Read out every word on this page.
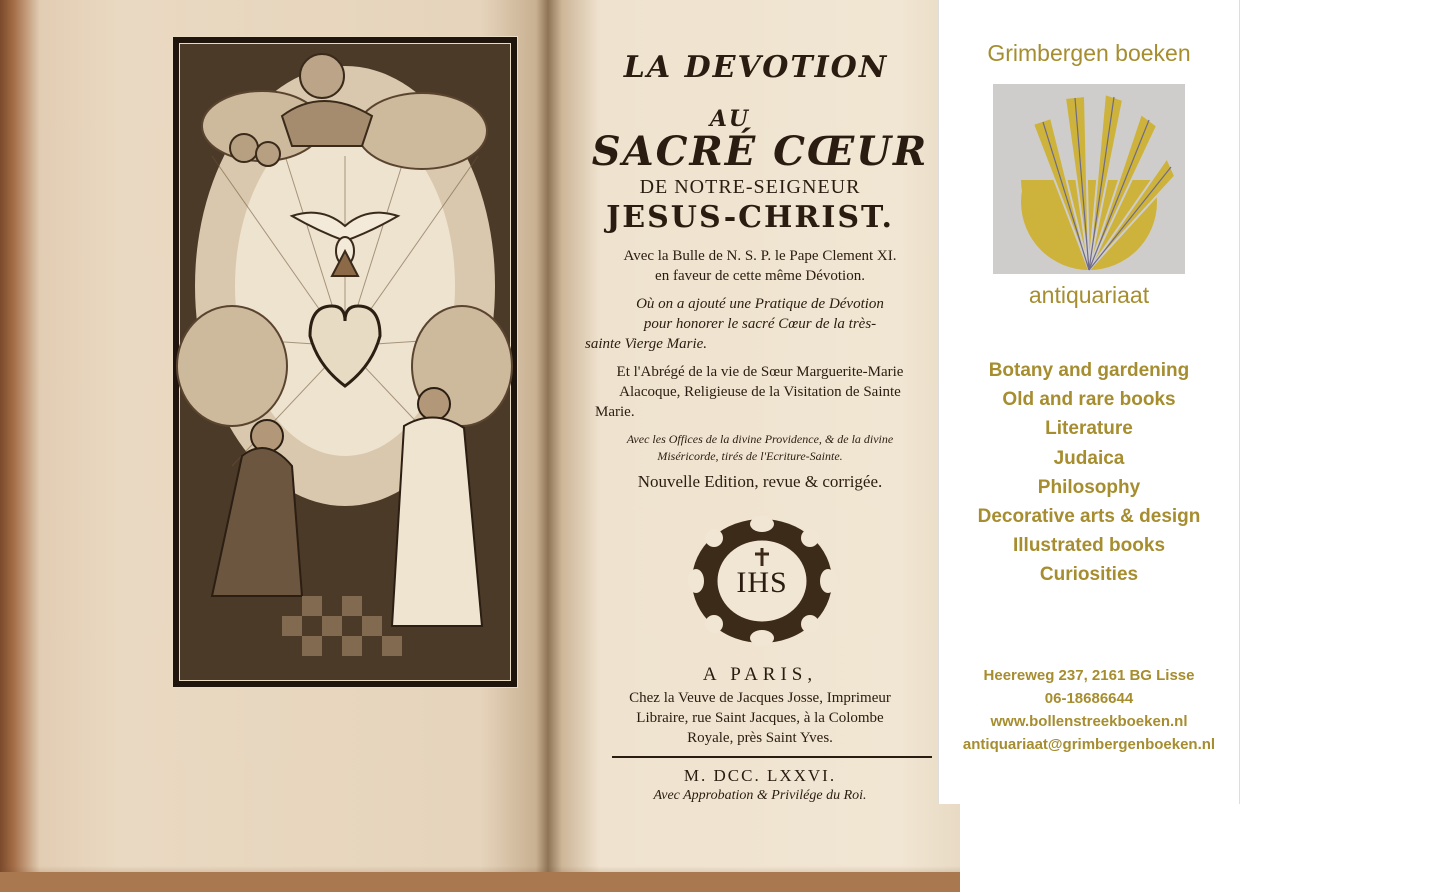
LA DEVOTION
AU
SACRÉ CŒUR
DE NOTRE-SEIGNEUR
JESUS-CHRIST.
Avec la Bulle de N. S. P. le Pape Clement XI.
en faveur de cette même Dévotion.
Où on a ajouté une Pratique de Dévotion
pour honorer le sacré Cœur de la très-
sainte Vierge Marie.
Et l'Abrégé de la vie de Sœur Marguerite-Marie
Alacoque, Religieuse de la Visitation de Sainte
Marie.
Avec les Offices de la divine Providence, & de la divine
Miséricorde, tirés de l'Ecriture-Sainte.
Nouvelle Edition, revue & corrigée.
IHS
A PARIS,
Chez la Veuve de Jacques Josse, Imprimeur
Libraire, rue Saint Jacques, à la Colombe
Royale, près Saint Yves.
M. DCC. LXXVI.
Avec Approbation & Privilége du Roi.
Grimbergen boeken
antiquariaat
Botany and gardening
Old and rare books
Literature
Judaica
Philosophy
Decorative arts & design
Illustrated books
Curiosities
Heereweg 237, 2161 BG Lisse
06-18686644
www.bollenstreekboeken.nl
antiquariaat@grimbergenboeken.nl
